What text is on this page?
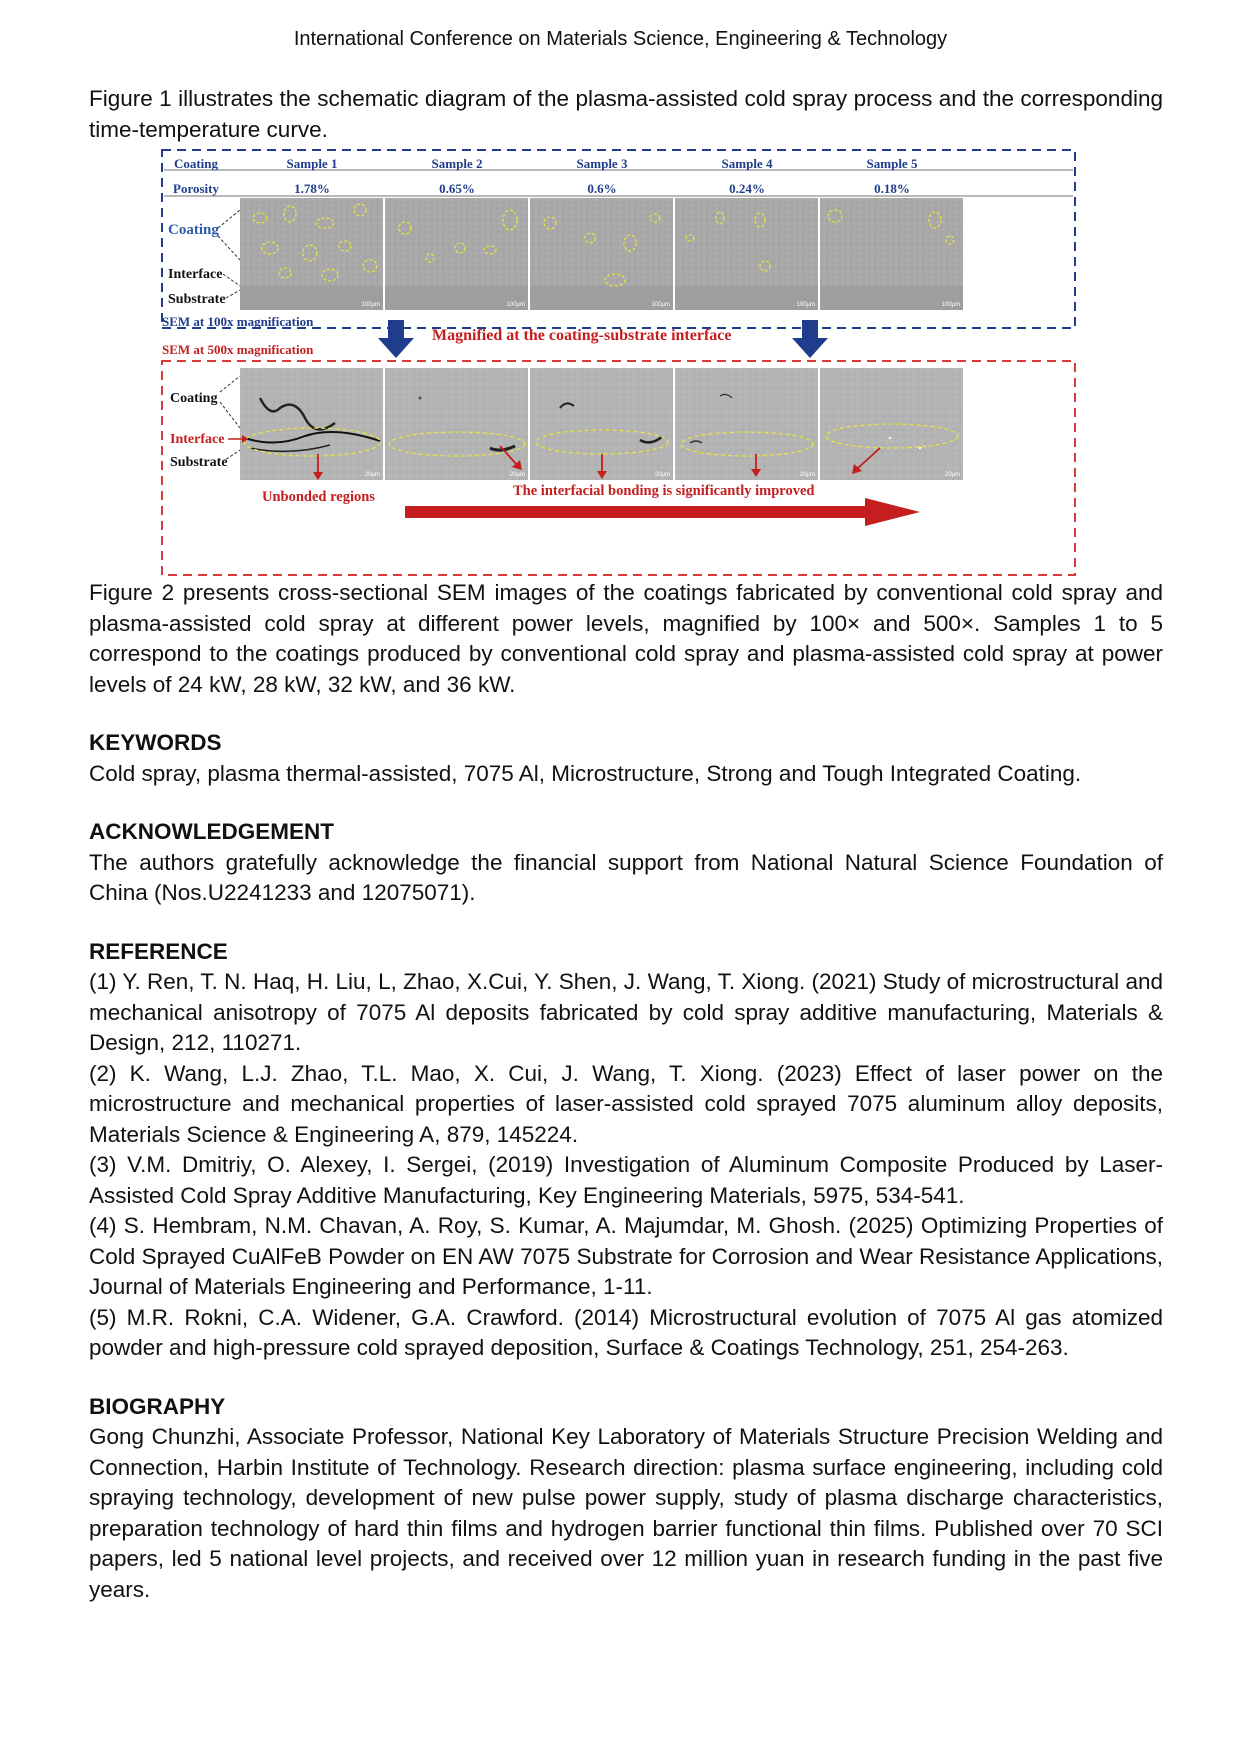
International Conference on Materials Science, Engineering & Technology

Figure 1 illustrates the schematic diagram of the plasma-assisted cold spray process and the corresponding time-temperature curve.

Coating	Sample 1	Sample 2	Sample 3	Sample 4	Sample 5
Porosity	1.78%	0.65%	0.6%	0.24%	0.18%
100μm	100μm	100μm	100μm	100μm
Coating
Interface
Substrate
SEM at 100x magnification
SEM at 500x magnification
Magnified at the coating-substrate interface
20μm	20μm	20μm	20μm	20μm
Coating
Interface
Substrate
Unbonded regions	The interfacial bonding is significantly improved

Figure 2 presents cross-sectional SEM images of the coatings fabricated by conventional cold spray and plasma-assisted cold spray at different power levels, magnified by 100× and 500×. Samples 1 to 5 correspond to the coatings produced by conventional cold spray and plasma-assisted cold spray at power levels of 24 kW, 28 kW, 32 kW, and 36 kW.

KEYWORDS

Cold spray, plasma thermal-assisted, 7075 Al, Microstructure, Strong and Tough Integrated Coating.

ACKNOWLEDGEMENT

The authors gratefully acknowledge the financial support from National Natural Science Foundation of China (Nos.U2241233 and 12075071).

REFERENCE

(1) Y. Ren, T. N. Haq, H. Liu, L, Zhao, X.Cui, Y. Shen, J. Wang, T. Xiong. (2021) Study of microstructural and mechanical anisotropy of 7075 Al deposits fabricated by cold spray additive manufacturing, Materials & Design, 212, 110271.

(2) K. Wang, L.J. Zhao, T.L. Mao, X. Cui, J. Wang, T. Xiong. (2023) Effect of laser power on the microstructure and mechanical properties of laser-assisted cold sprayed 7075 aluminum alloy deposits, Materials Science & Engineering A, 879, 145224.

(3) V.M. Dmitriy, O. Alexey, I. Sergei, (2019) Investigation of Aluminum Composite Produced by Laser-Assisted Cold Spray Additive Manufacturing, Key Engineering Materials, 5975, 534-541.

(4) S. Hembram, N.M. Chavan, A. Roy, S. Kumar, A. Majumdar, M. Ghosh. (2025) Optimizing Properties of Cold Sprayed CuAlFeB Powder on EN AW 7075 Substrate for Corrosion and Wear Resistance Applications, Journal of Materials Engineering and Performance, 1-11.

(5) M.R. Rokni, C.A. Widener, G.A. Crawford. (2014) Microstructural evolution of 7075 Al gas atomized powder and high-pressure cold sprayed deposition, Surface & Coatings Technology, 251, 254-263.

BIOGRAPHY

Gong Chunzhi, Associate Professor, National Key Laboratory of Materials Structure Precision Welding and Connection, Harbin Institute of Technology. Research direction: plasma surface engineering, including cold spraying technology, development of new pulse power supply, study of plasma discharge characteristics, preparation technology of hard thin films and hydrogen barrier functional thin films. Published over 70 SCI papers, led 5 national level projects, and received over 12 million yuan in research funding in the past five years.
